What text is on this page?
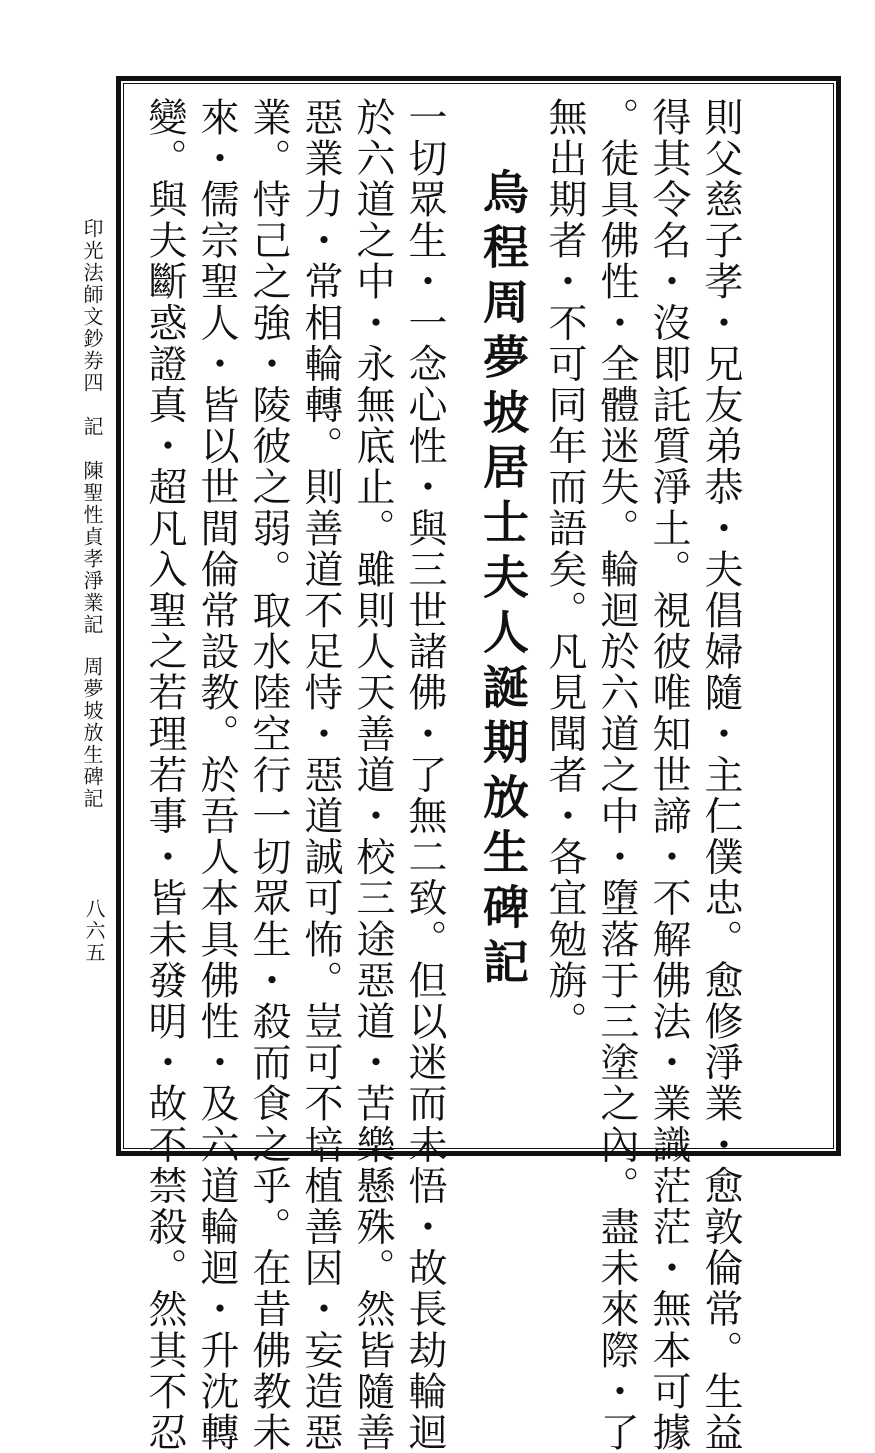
則父慈子孝・兄友弟恭・夫倡婦隨・主仁僕忠。愈修淨業・愈敦倫常。生益
得其令名・沒即託質淨土。視彼唯知世諦・不解佛法・業識茫茫・無本可據
。徒具佛性・全體迷失。輪迴於六道之中・墮落于三塗之內。盡未來際・了
無出期者・不可同年而語矣。凡見聞者・各宜勉旃。
烏程周夢坡居士夫人誕期放生碑記
一切眾生・一念心性・與三世諸佛・了無二致。但以迷而未悟・故長劫輪迴
於六道之中・永無底止。雖則人天善道・校三途惡道・苦樂懸殊。然皆隨善
惡業力・常相輪轉。則善道不足恃・惡道誠可怖。豈可不培植善因・妄造惡
業。恃己之強・陵彼之弱。取水陸空行一切眾生・殺而食之乎。在昔佛教未
來・儒宗聖人・皆以世間倫常設教。於吾人本具佛性・及六道輪迴・升沈轉
變。與夫斷惑證真・超凡入聖之若理若事・皆未發明・故不禁殺。然其不忍
印光法師文鈔券四記陳聖性貞孝淨業記周夢坡放生碑記
八六五
